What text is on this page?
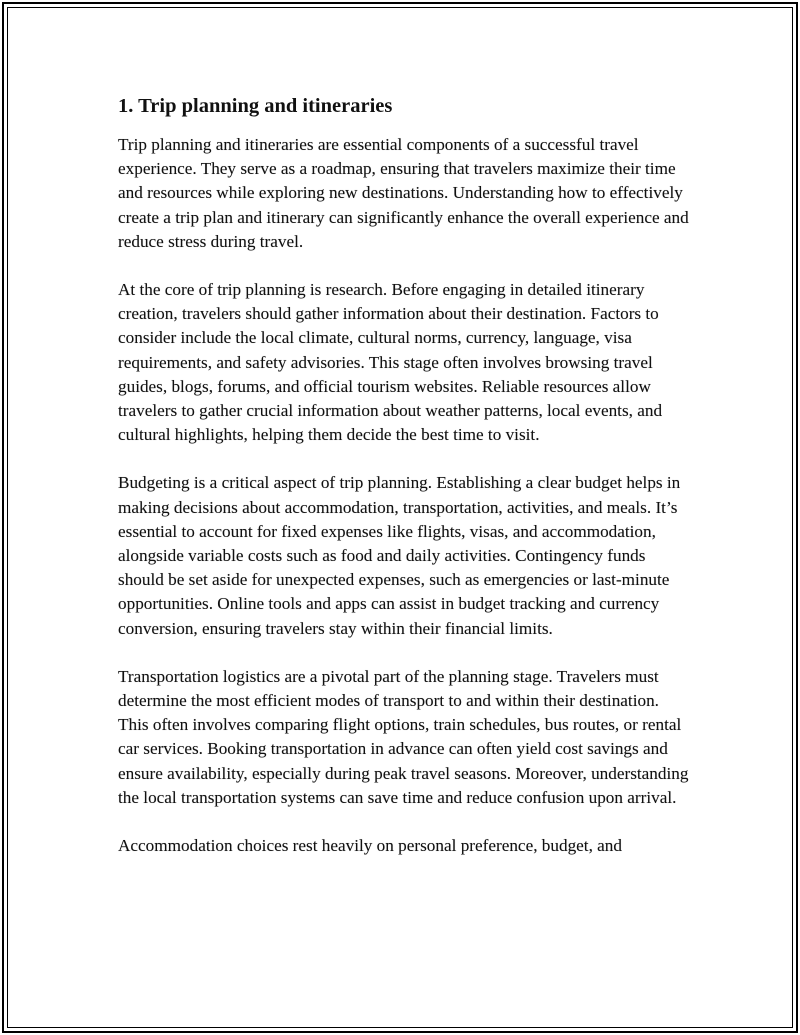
1. Trip planning and itineraries

Trip planning and itineraries are essential components of a successful travel experience. They serve as a roadmap, ensuring that travelers maximize their time and resources while exploring new destinations. Understanding how to effectively create a trip plan and itinerary can significantly enhance the overall experience and reduce stress during travel.

At the core of trip planning is research. Before engaging in detailed itinerary creation, travelers should gather information about their destination. Factors to consider include the local climate, cultural norms, currency, language, visa requirements, and safety advisories. This stage often involves browsing travel guides, blogs, forums, and official tourism websites. Reliable resources allow travelers to gather crucial information about weather patterns, local events, and cultural highlights, helping them decide the best time to visit.

Budgeting is a critical aspect of trip planning. Establishing a clear budget helps in making decisions about accommodation, transportation, activities, and meals. It’s essential to account for fixed expenses like flights, visas, and accommodation, alongside variable costs such as food and daily activities. Contingency funds should be set aside for unexpected expenses, such as emergencies or last-minute opportunities. Online tools and apps can assist in budget tracking and currency conversion, ensuring travelers stay within their financial limits.

Transportation logistics are a pivotal part of the planning stage. Travelers must determine the most efficient modes of transport to and within their destination. This often involves comparing flight options, train schedules, bus routes, or rental car services. Booking transportation in advance can often yield cost savings and ensure availability, especially during peak travel seasons. Moreover, understanding the local transportation systems can save time and reduce confusion upon arrival.

Accommodation choices rest heavily on personal preference, budget, and
